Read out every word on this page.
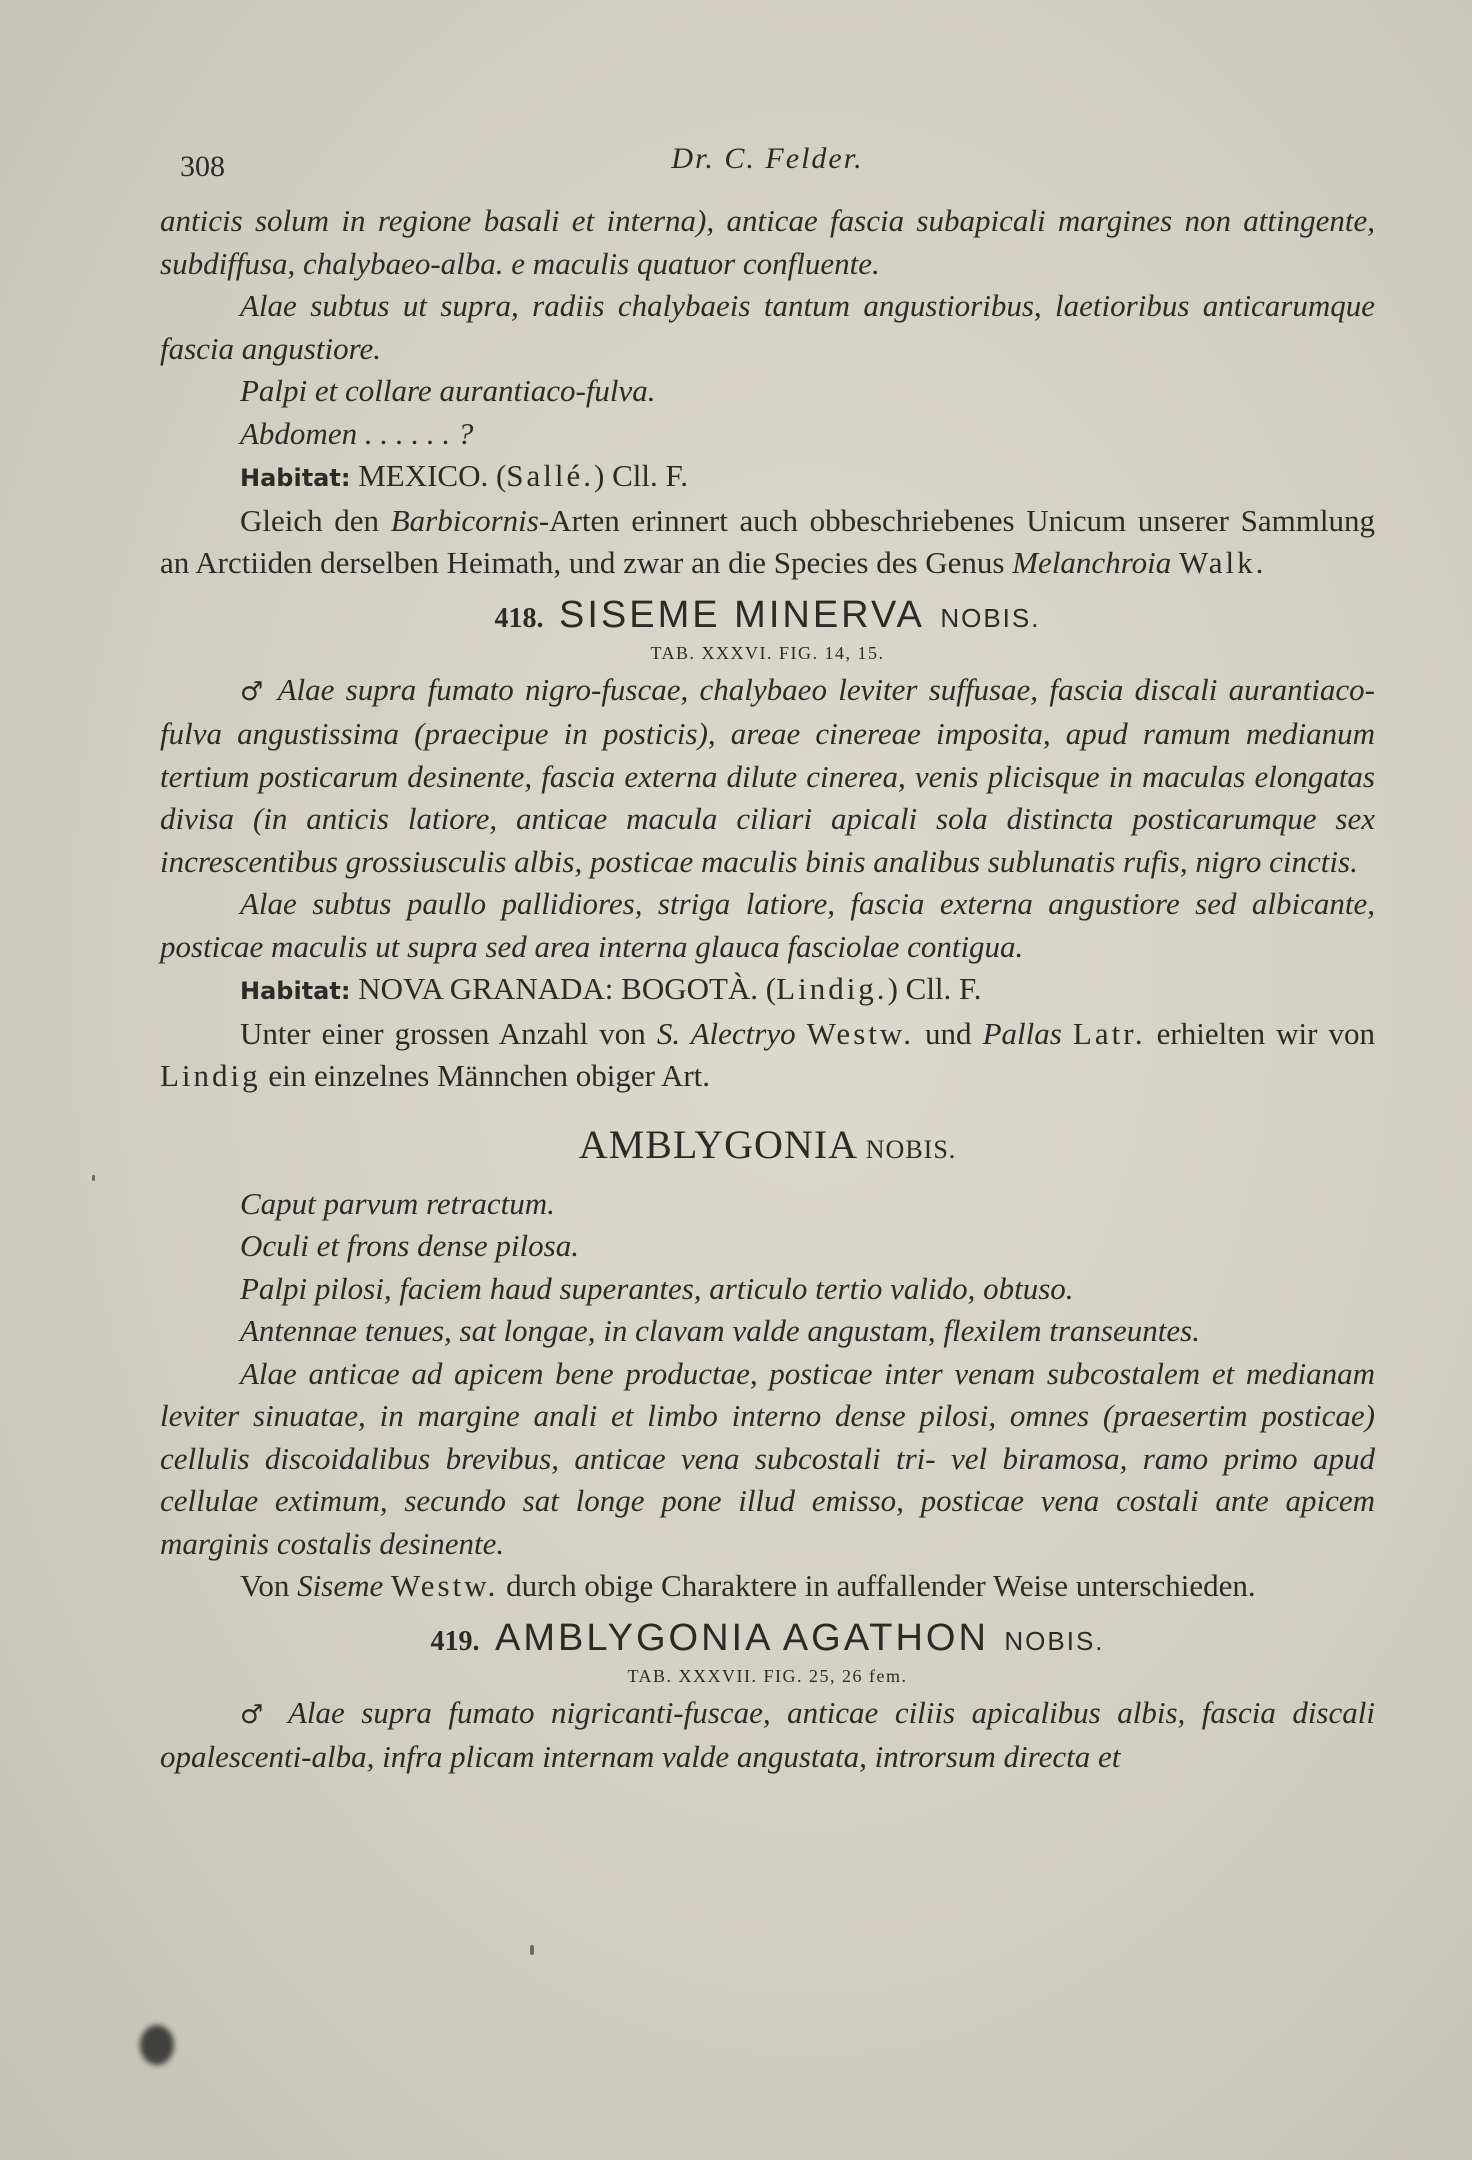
308	Dr. C. Felder.

anticis solum in regione basali et interna), anticae fascia subapicali margines non attingente, subdiffusa, chalybaeo-alba. e maculis quatuor confluente.

Alae subtus ut supra, radiis chalybaeis tantum angustioribus, laetioribus anticarumque fascia angustiore.

Palpi et collare aurantiaco-fulva.

Abdomen . . . . . . ?

Habitat: MEXICO. (Sallé.) Cll. F.

Gleich den Barbicornis-Arten erinnert auch obbeschriebenes Unicum unserer Sammlung an Arctiiden derselben Heimath, und zwar an die Species des Genus Melanchroia Walk.

418. SISEME MINERVA NOBIS.

TAB. XXXVI. FIG. 14, 15.

♂ Alae supra fumato nigro-fuscae, chalybaeo leviter suffusae, fascia discali aurantiaco-fulva angustissima (praecipue in posticis), areae cinereae imposita, apud ramum medianum tertium posticarum desinente, fascia externa dilute cinerea, venis plicisque in maculas elongatas divisa (in anticis latiore, anticae macula ciliari apicali sola distincta posticarumque sex increscentibus grossiusculis albis, posticae maculis binis analibus sublunatis rufis, nigro cinctis.

Alae subtus paullo pallidiores, striga latiore, fascia externa angustiore sed albicante, posticae maculis ut supra sed area interna glauca fasciolae contigua.

Habitat: NOVA GRANADA: BOGOTÀ. (Lindig.) Cll. F.

Unter einer grossen Anzahl von S. Alectryo Westw. und Pallas Latr. erhielten wir von Lindig ein einzelnes Männchen obiger Art.

AMBLYGONIA NOBIS.

Caput parvum retractum.

Oculi et frons dense pilosa.

Palpi pilosi, faciem haud superantes, articulo tertio valido, obtuso.

Antennae tenues, sat longae, in clavam valde angustam, flexilem transeuntes.

Alae anticae ad apicem bene productae, posticae inter venam subcostalem et medianam leviter sinuatae, in margine anali et limbo interno dense pilosi, omnes (praesertim posticae) cellulis discoidalibus brevibus, anticae vena subcostali tri- vel biramosa, ramo primo apud cellulae extimum, secundo sat longe pone illud emisso, posticae vena costali ante apicem marginis costalis desinente.

Von Siseme Westw. durch obige Charaktere in auffallender Weise unterschieden.

419. AMBLYGONIA AGATHON NOBIS.

TAB. XXXVII. FIG. 25, 26 fem.

♂ Alae supra fumato nigricanti-fuscae, anticae ciliis apicalibus albis, fascia discali opalescenti-alba, infra plicam internam valde angustata, introrsum directa et
